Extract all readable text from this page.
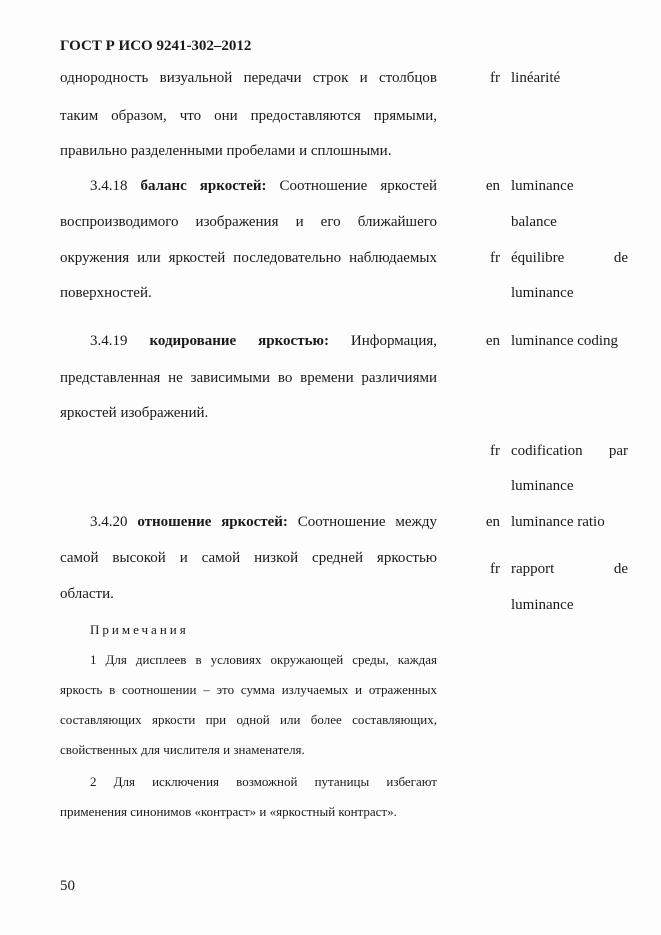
ГОСТ Р ИСО 9241-302–2012
однородность визуальной передачи строк и столбцов
таким образом, что они предоставляются прямыми,
правильно разделенными пробелами и сплошными.
fr linéarité
3.4.18 баланс яркостей: Соотношение яркостей
воспроизводимого изображения и его ближайшего
окружения или яркостей последовательно наблюдаемых
поверхностей.
en luminance
balance
fr équilibre	de
luminance
3.4.19 кодирование яркостью: Информация,
представленная не зависимыми во времени различиями
яркостей изображений.
en luminance coding
fr codification par
luminance
3.4.20 отношение яркостей: Соотношение между
самой высокой и самой низкой средней яркостью
области.
en luminance ratio
fr rapport	de
luminance
Примечания
1 Для дисплеев в условиях окружающей среды, каждая
яркость в соотношении – это сумма излучаемых и отраженных
составляющих яркости при одной или более составляющих,
свойственных для числителя и знаменателя.
2 Для исключения возможной путаницы избегают
применения синонимов «контраст» и «яркостный контраст».
50
